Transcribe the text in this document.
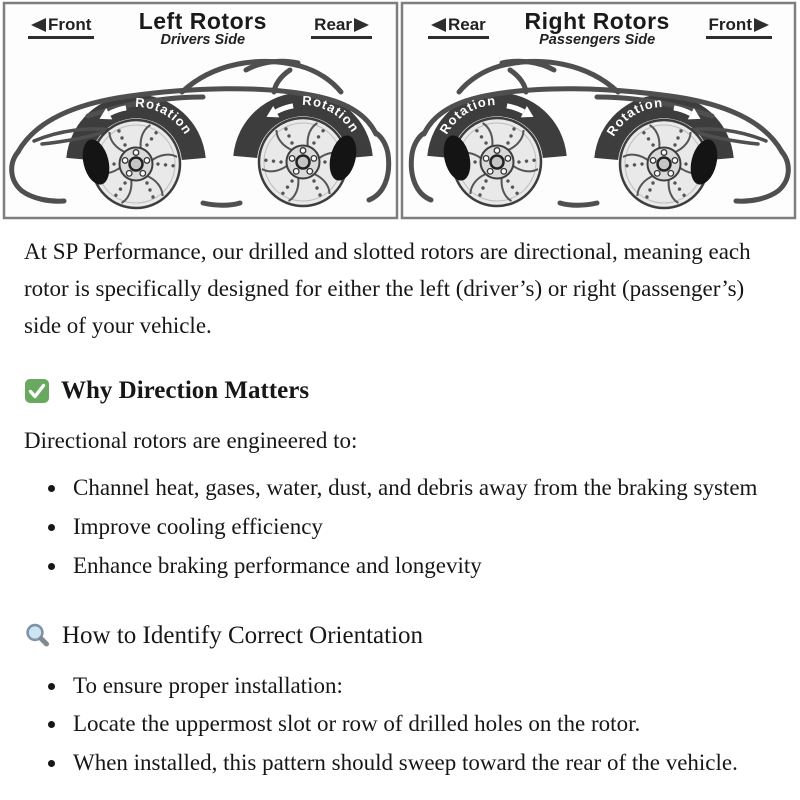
Rotation
Rotation	Rotation
Rotation
Front Left Rotors
Drivers Side
Rear	Rear Right Rotors
Passengers Side
Front

At SP Performance, our drilled and slotted rotors are directional, meaning each rotor is specifically designed for either the left (driver’s) or right (passenger’s) side of your vehicle.

Why Direction Matters

Directional rotors are engineered to:

• Channel heat, gases, water, dust, and debris away from the braking system
• Improve cooling efficiency
• Enhance braking performance and longevity
How to Identify Correct Orientation
• To ensure proper installation:
• Locate the uppermost slot or row of drilled holes on the rotor.
• When installed, this pattern should sweep toward the rear of the vehicle.
